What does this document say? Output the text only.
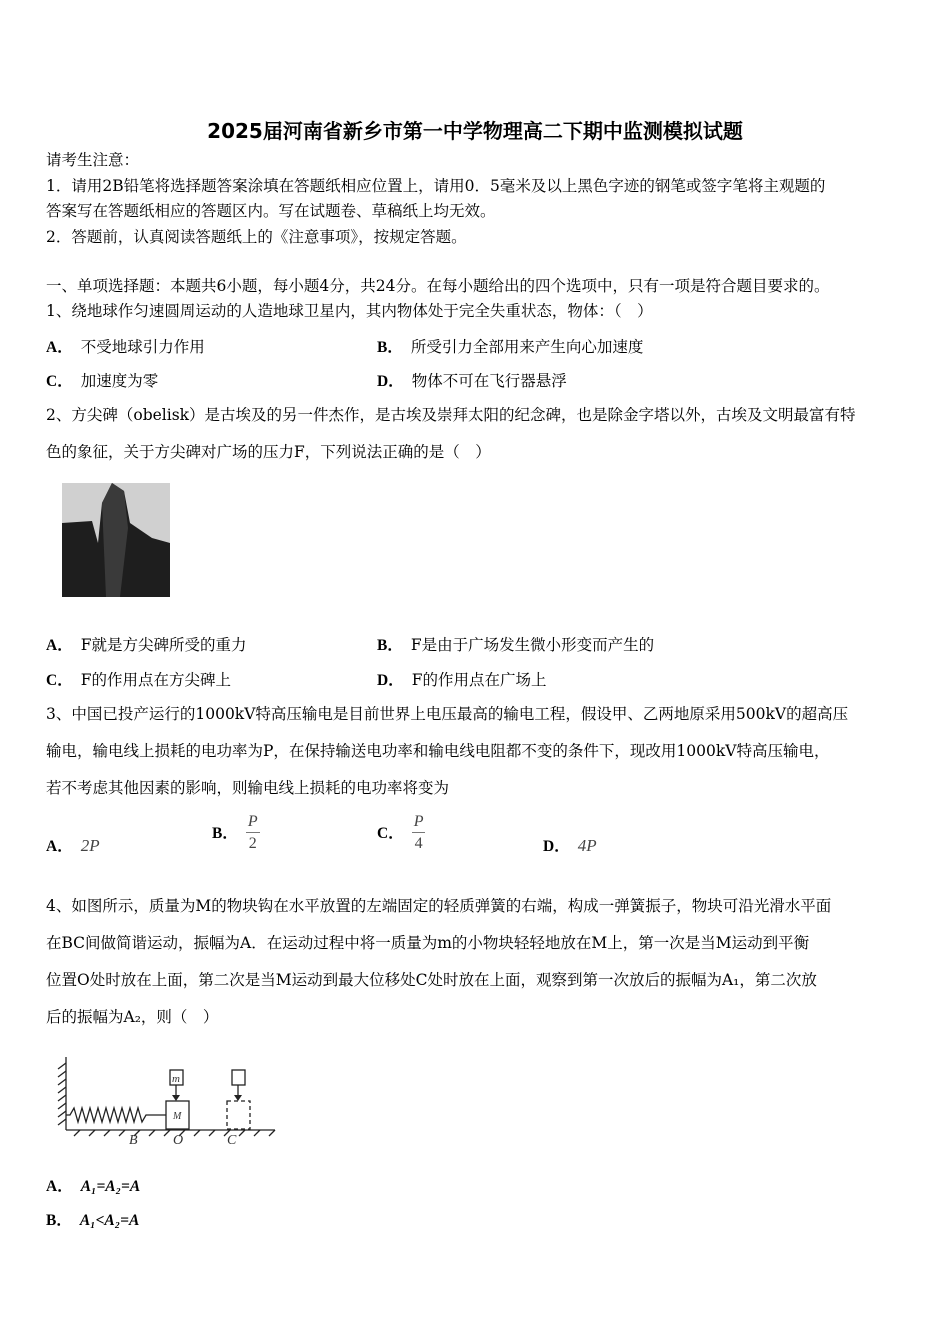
2025届河南省新乡市第一中学物理高二下期中监测模拟试题
请考生注意：
1．请用2B铅笔将选择题答案涂填在答题纸相应位置上，请用0．5毫米及以上黑色字迹的钢笔或签字笔将主观题的
答案写在答题纸相应的答题区内。写在试题卷、草稿纸上均无效。
2．答题前，认真阅读答题纸上的《注意事项》，按规定答题。
一、单项选择题：本题共6小题，每小题4分，共24分。在每小题给出的四个选项中，只有一项是符合题目要求的。
1、绕地球作匀速圆周运动的人造地球卫星内，其内物体处于完全失重状态，物体：（　）
A． 不受地球引力作用	B． 所受引力全部用来产生向心加速度
C． 加速度为零	D． 物体不可在飞行器悬浮
2、方尖碑（obelisk）是古埃及的另一件杰作，是古埃及崇拜太阳的纪念碑，也是除金字塔以外，古埃及文明最富有特
色的象征，关于方尖碑对广场的压力F，下列说法正确的是（　）
A． F就是方尖碑所受的重力	B． F是由于广场发生微小形变而产生的
C． F的作用点在方尖碑上	D． F的作用点在广场上
3、中国已投产运行的1000kV特高压输电是目前世界上电压最高的输电工程，假设甲、乙两地原采用500kV的超高压
输电，输电线上损耗的电功率为P，在保持输送电功率和输电线电阻都不变的条件下，现改用1000kV特高压输电，
若不考虑其他因素的影响，则输电线上损耗的电功率将变为
A． 2P
B． $\frac{P}{2}$	C． $\frac{P}{4}$	D． 4P
4、如图所示，质量为M的物块钩在水平放置的左端固定的轻质弹簧的右端，构成一弹簧振子，物块可沿光滑水平面
在BC间做简谐运动，振幅为A．在运动过程中将一质量为m的小物块轻轻地放在M上，第一次是当M运动到平衡
位置O处时放在上面，第二次是当M运动到最大位移处C处时放在上面，观察到第一次放后的振幅为A₁，第二次放
后的振幅为A₂，则（　）
m
M
B	O	C
A． A₁=A₂=A
B． A₁<A₂=A
